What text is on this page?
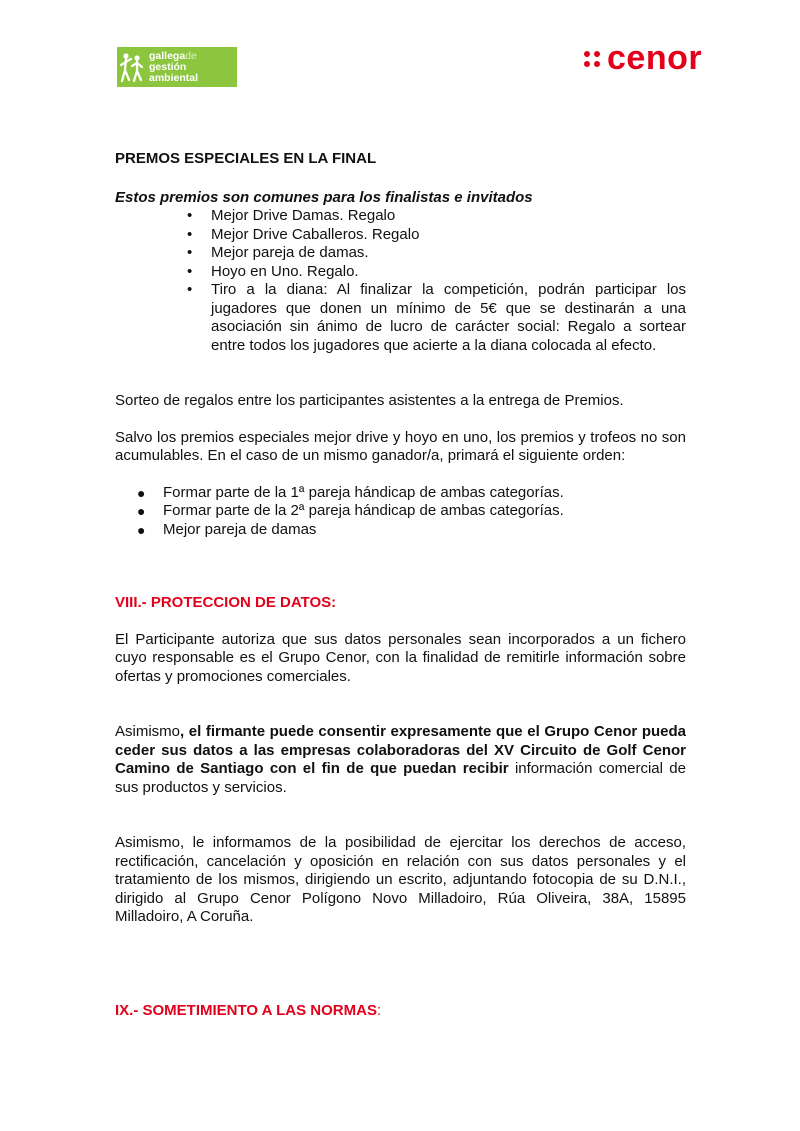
gallegade
gestión
ambiental
cenor

PREMOS ESPECIALES EN LA FINAL

Estos premios son comunes para los finalistas e invitados

• Mejor Drive Damas. Regalo
• Mejor Drive Caballeros. Regalo
• Mejor pareja de damas.
• Hoyo en Uno. Regalo.
• Tiro a la diana: Al finalizar la competición, podrán participar los jugadores que donen un mínimo de 5€ que se destinarán a una asociación sin ánimo de lucro de carácter social: Regalo a sortear entre todos los jugadores que acierte a la diana colocada al efecto.

Sorteo de regalos entre los participantes asistentes a la entrega de Premios.

Salvo los premios especiales mejor drive y hoyo en uno, los premios y trofeos no son acumulables. En el caso de un mismo ganador/a, primará el siguiente orden:

● Formar parte de la 1ª pareja hándicap de ambas categorías.
● Formar parte de la 2ª pareja hándicap de ambas categorías.
● Mejor pareja de damas

VIII.- PROTECCION DE DATOS:

El Participante autoriza que sus datos personales sean incorporados a un fichero cuyo responsable es el Grupo Cenor, con la finalidad de remitirle información sobre ofertas y promociones comerciales.

Asimismo, el firmante puede consentir expresamente que el Grupo Cenor pueda ceder sus datos a las empresas colaboradoras del XV Circuito de Golf Cenor Camino de Santiago con el fin de que puedan recibir información comercial de sus productos y servicios.

Asimismo, le informamos de la posibilidad de ejercitar los derechos de acceso, rectificación, cancelación y oposición en relación con sus datos personales y el tratamiento de los mismos, dirigiendo un escrito, adjuntando fotocopia de su D.N.I., dirigido al Grupo Cenor Polígono Novo Milladoiro, Rúa Oliveira, 38A, 15895 Milladoiro, A Coruña.

IX.- SOMETIMIENTO A LAS NORMAS:
